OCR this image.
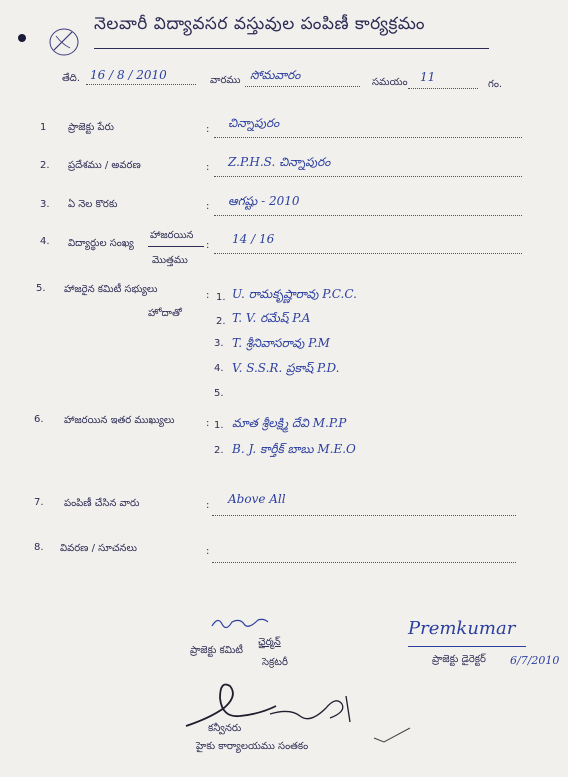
నెలవారీ విద్యావసర వస్తువుల పంపిణీ కార్యక్రమం
తేది. 16 / 8 / 2010	వారము సోమవారం
సమయం 11
గం.
1 ప్రాజెక్టు పేరు	: చిన్నాపురం
2. ప్రదేశము / అవరణ	: Z.P.H.S. చిన్నాపురం
3. ఏ నెల కొరకు	: ఆగష్టు - 2010
4. విద్యార్థుల సంఖ్య
హాజరయిన
మొత్తము
: 14 / 16
5. హాజరైన కమిటీ సభ్యులు
హోదాతో
: 1. U. రామకృష్ణారావు P.C.C.
2. T. V. రమేష్ P.A
3. T. శ్రీనివాసరావు P.M
4. V. S.S.R. ప్రకాష్ P.D.
5.
6. హాజరయిన ఇతర ముఖ్యులు	: 1. మాత శ్రీలక్ష్మి దేవి M.P.P
2. B. J. కార్తీక్ బాబు M.E.O
7. పంపిణీ చేసిన వారు	: Above All
8. వివరణ / సూచనలు	:
ప్రాజెక్టు కమిటీ
ఛైర్మన్
సెక్రటరీ
Premkumar
ప్రాజెక్టు డైరెక్టర్ 6/7/2010
కన్వీనరు
హైకు కార్యాలయము సంతకం
